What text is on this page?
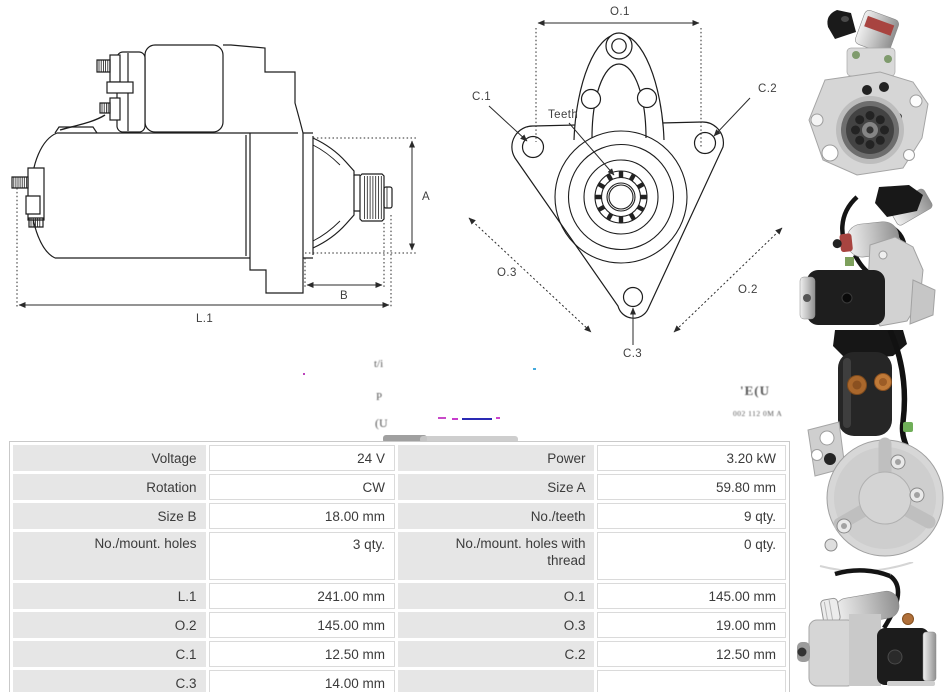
A
B
L.1
O.1
C.1
C.2
Teeth
O.3
O.2
C.3
t/i
P
(U
'E(U
002 112 0M A
Voltage	24 V	Power	3.20 kW
Rotation	CW	Size A	59.80 mm
Size B	18.00 mm	No./teeth	9 qty.
No./mount. holes	3 qty.	No./mount. holes with thread	0 qty.
L.1	241.00 mm	O.1	145.00 mm
O.2	145.00 mm	O.3	19.00 mm
C.1	12.50 mm	C.2	12.50 mm
C.3	14.00 mm		
